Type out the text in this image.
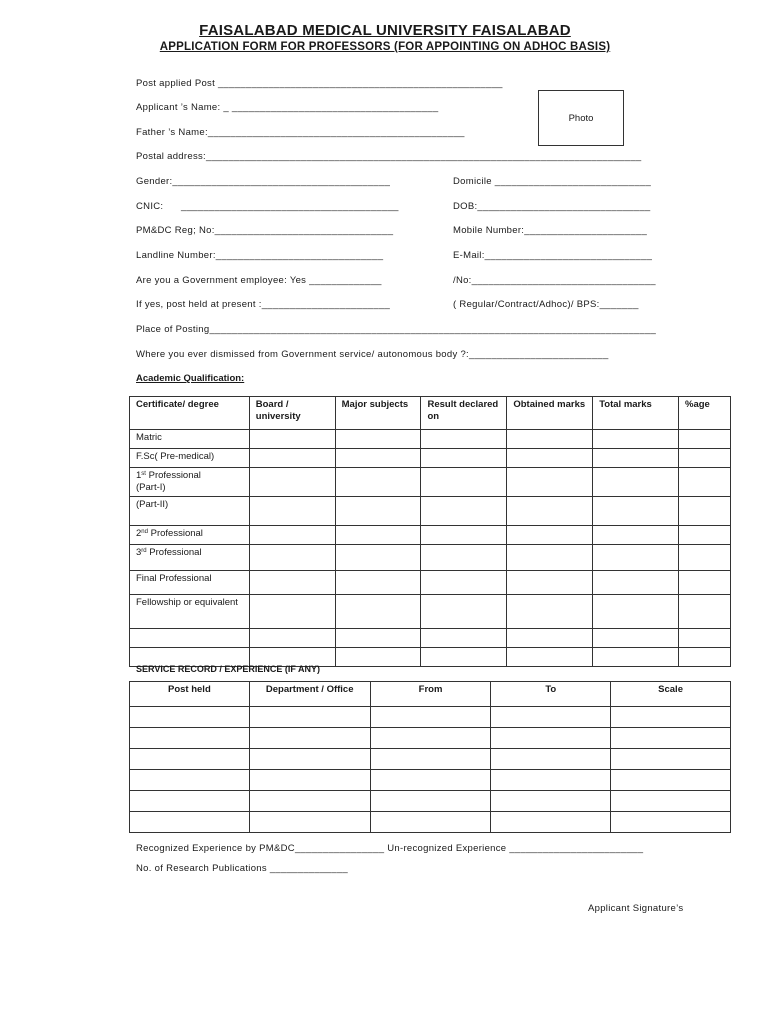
FAISALABAD MEDICAL UNIVERSITY FAISALABAD
APPLICATION FORM FOR PROFESSORS (FOR APPOINTING ON ADHOC BASIS)
Post applied Post ___________________________________________________
Applicant ’s Name: _ _____________________________________
Photo
Father ’s Name:______________________________________________
Postal address:______________________________________________________________________________
Gender:_______________________________________	Domicile ____________________________
CNIC: _______________________________________	DOB:_______________________________
PM&DC Reg; No:________________________________	Mobile Number:______________________
Landline Number:______________________________	E-Mail:______________________________
Are you a Government employee: Yes _____________	/No:_________________________________
If yes, post held at present :_______________________	( Regular/Contract/Adhoc)/ BPS:_______
Place of Posting________________________________________________________________________________
Where you ever dismissed from Government service/ autonomous body ?:_________________________
Academic Qualification:
Certificate/ degree	Board / university	Major subjects	Result declared on	Obtained marks	Total marks	%age
Matric						
F.Sc( Pre-medical)						
1st Professional
(Part-I)						
(Part-II)						
2nd Professional						
3rd Professional						
Final Professional						
Fellowship or equivalent						

SERVICE RECORD / EXPERIENCE (IF ANY)
Post held	Department / Office	From	To	Scale

Recognized Experience by PM&DC________________ Un-recognized Experience ________________________
No. of Research Publications ______________
Applicant Signature’s
